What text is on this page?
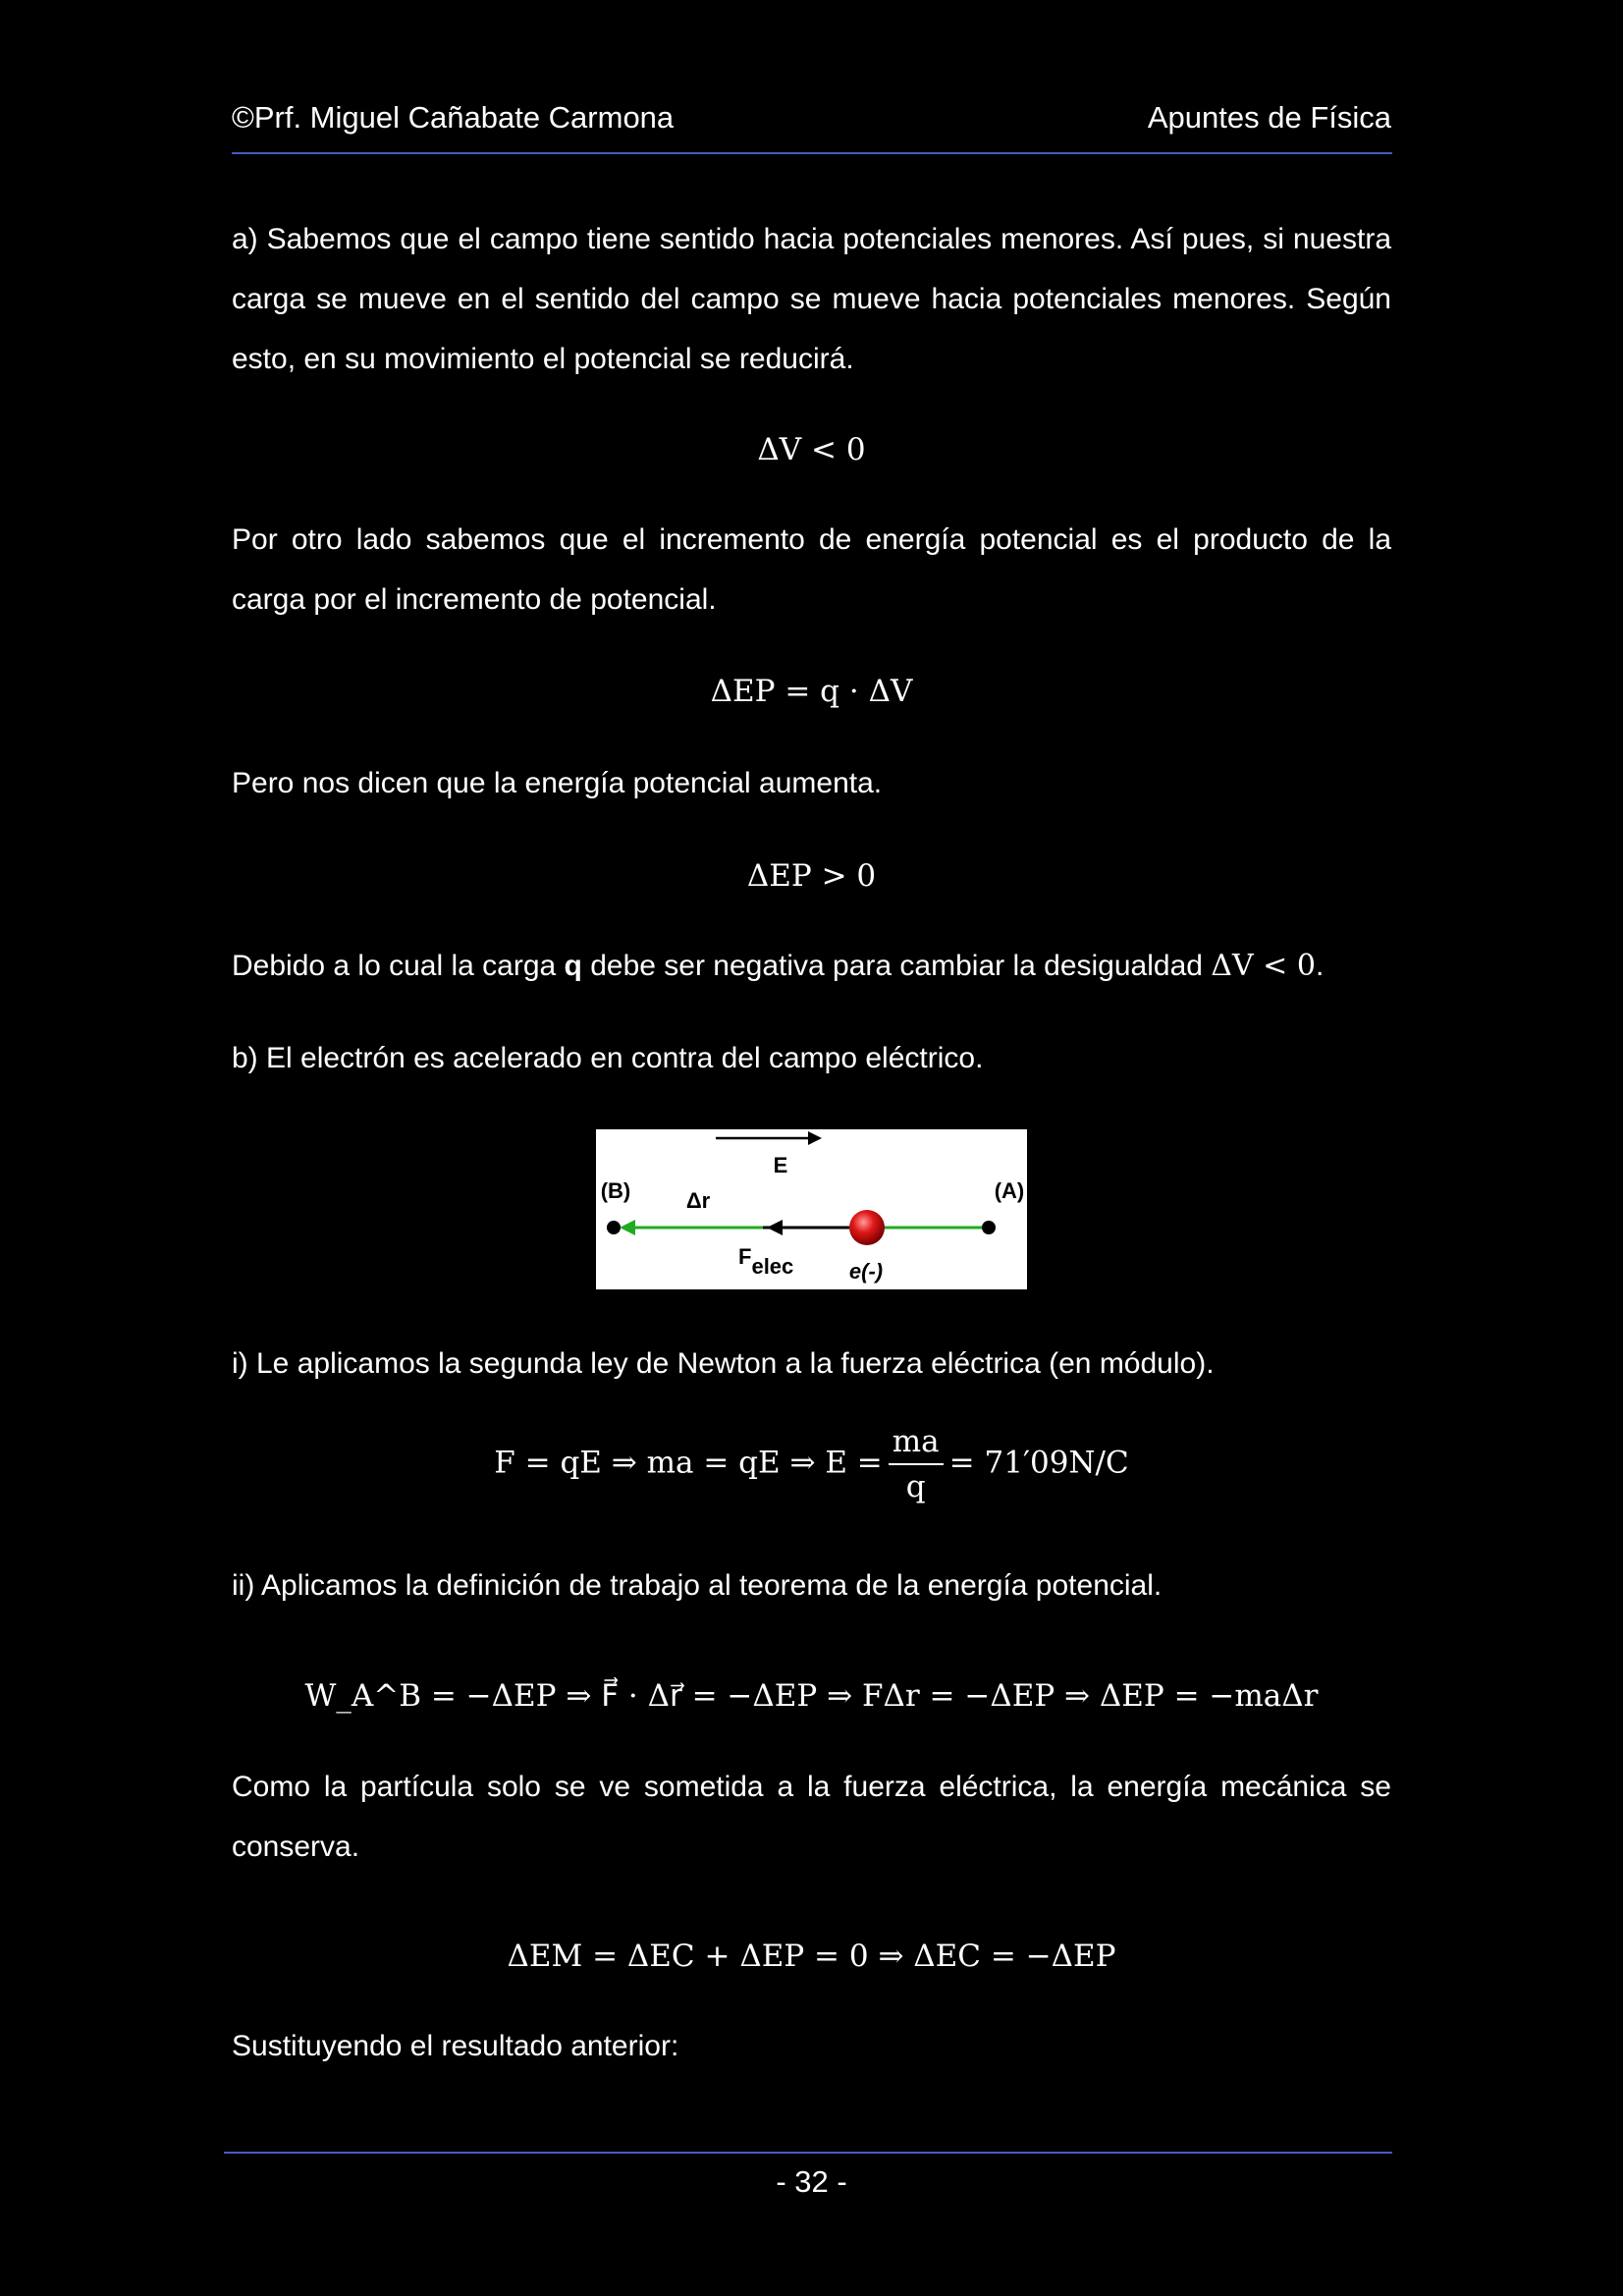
©Prf. Miguel Cañabate Carmona	Apuntes de Física
a) Sabemos que el campo tiene sentido hacia potenciales menores. Así pues, si nuestra carga se mueve en el sentido del campo se mueve hacia potenciales menores. Según esto, en su movimiento el potencial se reducirá.
ΔV < 0
Por otro lado sabemos que el incremento de energía potencial es el producto de la carga por el incremento de potencial.
ΔEP = q · ΔV
Pero nos dicen que la energía potencial aumenta.
ΔEP > 0
Debido a lo cual la carga q debe ser negativa para cambiar la desigualdad ΔV < 0.
b) El electrón es acelerado en contra del campo eléctrico.
E
(B)	(A)
Δr
Felec	e(-)
i) Le aplicamos la segunda ley de Newton a la fuerza eléctrica (en módulo).
F = qE ⇒ ma = qE ⇒ $E = \frac{ma}{q} = 71'09N/C$
ii) Aplicamos la definición de trabajo al teorema de la energía potencial.
W_A^B = −ΔEP ⇒ F⃗ · Δr⃗ = −ΔEP ⇒ FΔr = −ΔEP ⇒ ΔEP = −maΔr
Como la partícula solo se ve sometida a la fuerza eléctrica, la energía mecánica se conserva.
ΔEM = ΔEC + ΔEP = 0 ⇒ ΔEC = −ΔEP
Sustituyendo el resultado anterior:
- 32 -
